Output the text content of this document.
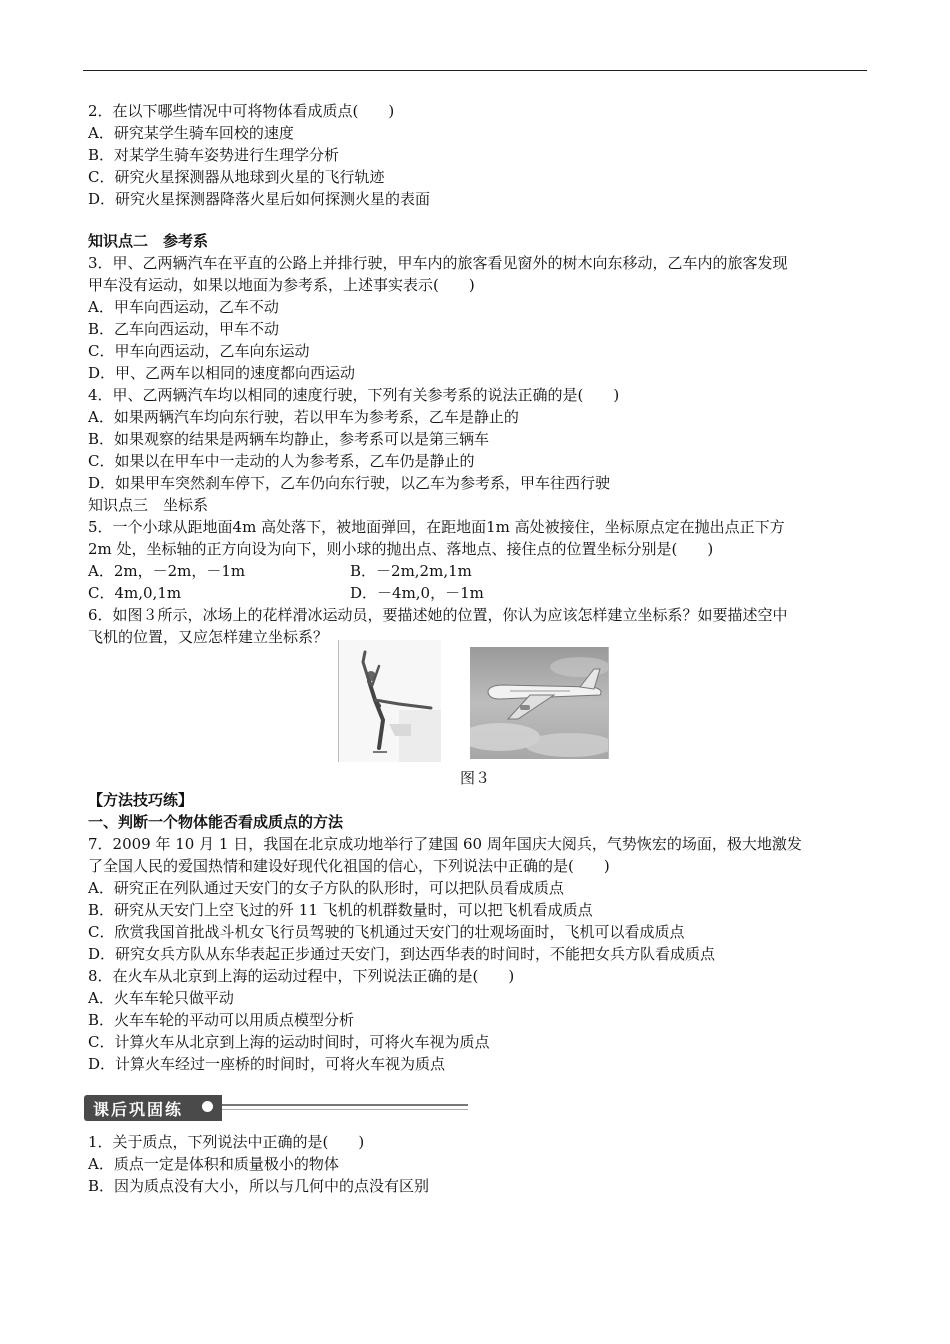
2．在以下哪些情况中可将物体看成质点(　　)
A．研究某学生骑车回校的速度
B．对某学生骑车姿势进行生理学分析
C．研究火星探测器从地球到火星的飞行轨迹
D．研究火星探测器降落火星后如何探测火星的表面
知识点二　参考系
3．甲、乙两辆汽车在平直的公路上并排行驶，甲车内的旅客看见窗外的树木向东移动，乙车内的旅客发现
甲车没有运动，如果以地面为参考系，上述事实表示(　　)
A．甲车向西运动，乙车不动
B．乙车向西运动，甲车不动
C．甲车向西运动，乙车向东运动
D．甲、乙两车以相同的速度都向西运动
4．甲、乙两辆汽车均以相同的速度行驶，下列有关参考系的说法正确的是(　　)
A．如果两辆汽车均向东行驶，若以甲车为参考系，乙车是静止的
B．如果观察的结果是两辆车均静止，参考系可以是第三辆车
C．如果以在甲车中一走动的人为参考系，乙车仍是静止的
D．如果甲车突然刹车停下，乙车仍向东行驶，以乙车为参考系，甲车往西行驶
知识点三　坐标系
5．一个小球从距地面4m 高处落下，被地面弹回，在距地面1m 高处被接住，坐标原点定在抛出点正下方
2m 处，坐标轴的正方向设为向下，则小球的抛出点、落地点、接住点的位置坐标分别是(　　)
A．2m，－2m，－1m	B．－2m,2m,1m
C．4m,0,1m	D．－4m,0，－1m
6．如图３所示，冰场上的花样滑冰运动员，要描述她的位置，你认为应该怎样建立坐标系？如要描述空中
飞机的位置，又应怎样建立坐标系？
图３
【方法技巧练】
一、判断一个物体能否看成质点的方法
7．2009 年 10 月 1 日，我国在北京成功地举行了建国 60 周年国庆大阅兵，气势恢宏的场面，极大地激发
了全国人民的爱国热情和建设好现代化祖国的信心，下列说法中正确的是(　　)
A．研究正在列队通过天安门的女子方队的队形时，可以把队员看成质点
B．研究从天安门上空飞过的歼 11 飞机的机群数量时，可以把飞机看成质点
C．欣赏我国首批战斗机女飞行员驾驶的飞机通过天安门的壮观场面时，飞机可以看成质点
D．研究女兵方队从东华表起正步通过天安门，到达西华表的时间时，不能把女兵方队看成质点
8．在火车从北京到上海的运动过程中，下列说法正确的是(　　)
A．火车车轮只做平动
B．火车车轮的平动可以用质点模型分析
C．计算火车从北京到上海的运动时间时，可将火车视为质点
D．计算火车经过一座桥的时间时，可将火车视为质点
课后巩固练
1．关于质点，下列说法中正确的是(　　)
A．质点一定是体积和质量极小的物体
B．因为质点没有大小，所以与几何中的点没有区别
